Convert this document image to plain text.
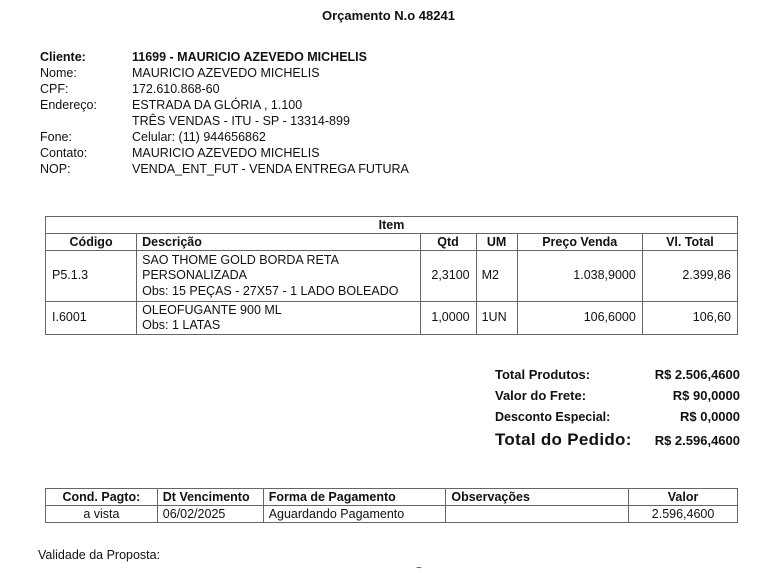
Orçamento N.o 48241
Cliente:	11699 - MAURICIO AZEVEDO MICHELIS
Nome:	MAURICIO AZEVEDO MICHELIS
CPF:	172.610.868-60
Endereço:	ESTRADA DA GLÓRIA , 1.100
TRÊS VENDAS - ITU - SP - 13314-899
Fone:	Celular: (11) 944656862
Contato:	MAURICIO AZEVEDO MICHELIS
NOP:	VENDA_ENT_FUT - VENDA ENTREGA FUTURA
Item					
Código	Descrição	Qtd	UM	Preço Venda	Vl. Total
P5.1.3	SAO THOME GOLD BORDA RETA
PERSONALIZADA
Obs: 15 PEÇAS - 27X57 - 1 LADO BOLEADO	2,3100	M2	1.038,9000	2.399,86
I.6001	OLEOFUGANTE 900 ML
Obs: 1 LATAS	1,0000	1UN	106,6000	106,60
Total Produtos:	R$ 2.506,4600
Valor do Frete:	R$ 90,0000
Desconto Especial:	R$ 0,0000
Total do Pedido: R$ 2.596,4600
Cond. Pagto:	Dt Vencimento	Forma de Pagamento	Observações	Valor
a vista	06/02/2025	Aguardando Pagamento		2.596,4600
Validade da Proposta:
~
